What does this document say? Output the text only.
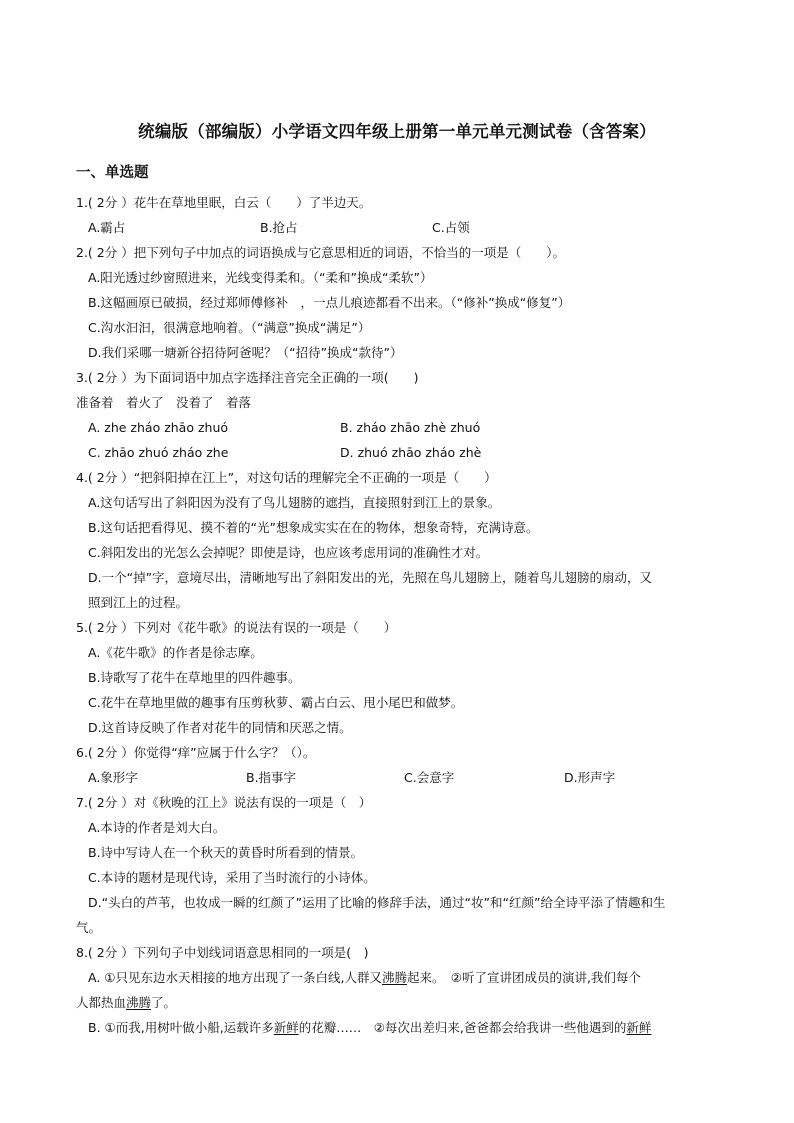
统编版（部编版）小学语文四年级上册第一单元单元测试卷（含答案）
一、单选题
1.( 2分 ）花牛在草地里眠，白云（　　）了半边天。
A.霸占	B.抢占	C.占领
2.( 2分 ）把下列句子中加点的词语换成与它意思相近的词语，不恰当的一项是（　　）。
A.阳光透过纱窗照进来，光线变得柔和。（“柔和”换成“柔软”）
B.这幅画原已破损，经过郑师傅修补　，一点儿痕迹都看不出来。（“修补”换成“修复”）
C.沟水汩汩，很满意地响着。（“满意”换成“满足”）
D.我们采哪一塘新谷招待阿爸呢？（“招待”换成“款待”）
3.( 2分 ）为下面词语中加点字选择注音完全正确的一项(　　)
准备着　着火了　没着了　着落
A. zhe zháo zhāo zhuó	B. zháo zhāo zhè zhuó
C. zhāo zhuó zháo zhe	D. zhuó zhāo zháo zhè
4.( 2分 ）“把斜阳掉在江上”，对这句话的理解完全不正确的一项是（　　）
A.这句话写出了斜阳因为没有了鸟儿翅膀的遮挡，直接照射到江上的景象。
B.这句话把看得见、摸不着的“光”想象成实实在在的物体，想象奇特，充满诗意。
C.斜阳发出的光怎么会掉呢？即使是诗，也应该考虑用词的准确性才对。
D.一个“掉”字，意境尽出，清晰地写出了斜阳发出的光，先照在鸟儿翅膀上，随着鸟儿翅膀的扇动，又
照到江上的过程。
5.( 2分 ）下列对《花牛歌》的说法有误的一项是（　　）
A.《花牛歌》的作者是徐志摩。
B.诗歌写了花牛在草地里的四件趣事。
C.花牛在草地里做的趣事有压剪秋萝、霸占白云、甩小尾巴和做梦。
D.这首诗反映了作者对花牛的同情和厌恶之情。
6.( 2分 ）你觉得“痒”应属于什么字？（）。
A.象形字	B.指事字	C.会意字	D.形声字
7.( 2分 ）对《秋晚的江上》说法有误的一项是（　）
A.本诗的作者是刘大白。
B.诗中写诗人在一个秋天的黄昏时所看到的情景。
C.本诗的题材是现代诗，采用了当时流行的小诗体。
D.“头白的芦苇，也妆成一瞬的红颜了”运用了比喻的修辞手法，通过“妆”和“红颜”给全诗平添了情趣和生
气。
8.( 2分 ）下列句子中划线词语意思相同的一项是(　)
A. ①只见东边水天相接的地方出现了一条白线,人群又沸腾起来。　②听了宣讲团成员的演讲,我们每个
人都热血沸腾了。
B. ①而我,用树叶做小船,运载许多新鲜的花瓣……　②每次出差归来,爸爸都会给我讲一些他遇到的新鲜
